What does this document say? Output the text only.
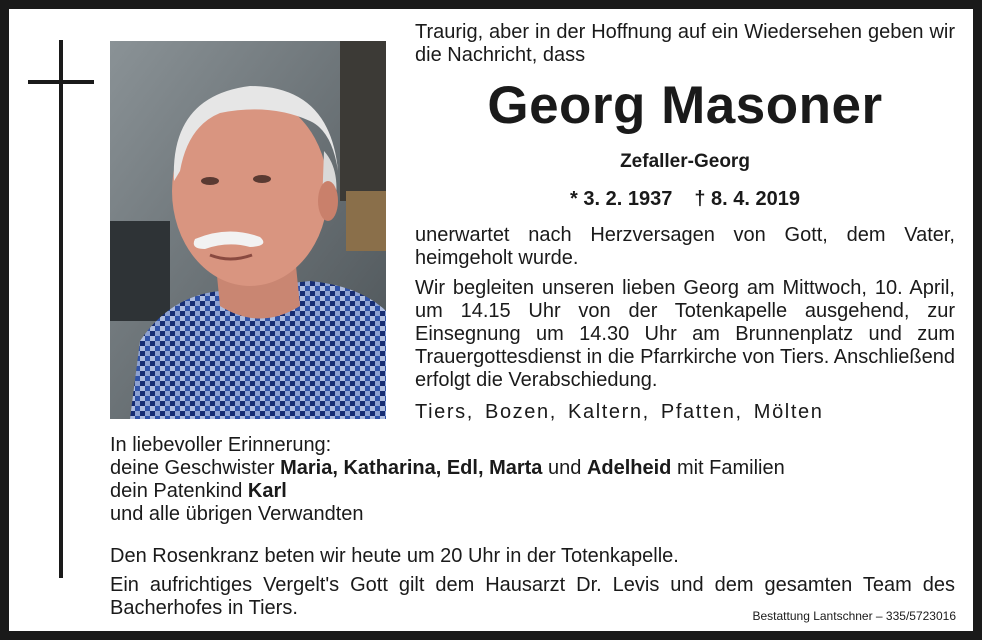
Traurig, aber in der Hoffnung auf ein Wiedersehen geben wir die Nachricht, dass
Georg Masoner
Zefaller-Georg
* 3. 2. 1937 † 8. 4. 2019
unerwartet nach Herzversagen von Gott, dem Vater, heimgeholt wurde.
Wir begleiten unseren lieben Georg am Mittwoch, 10. April, um 14.15 Uhr von der Totenkapelle ausgehend, zur Einsegnung um 14.30 Uhr am Brunnenplatz und zum Trauergottesdienst in die Pfarrkirche von Tiers. Anschließend erfolgt die Verabschiedung.
Tiers, Bozen, Kaltern, Pfatten, Mölten
In liebevoller Erinnerung:
deine Geschwister Maria, Katharina, Edl, Marta und Adelheid mit Familien
dein Patenkind Karl
und alle übrigen Verwandten
Den Rosenkranz beten wir heute um 20 Uhr in der Totenkapelle.
Ein aufrichtiges Vergelt's Gott gilt dem Hausarzt Dr. Levis und dem gesamten Team des Bacherhofes in Tiers.	Bestattung Lantschner – 335/5723016
